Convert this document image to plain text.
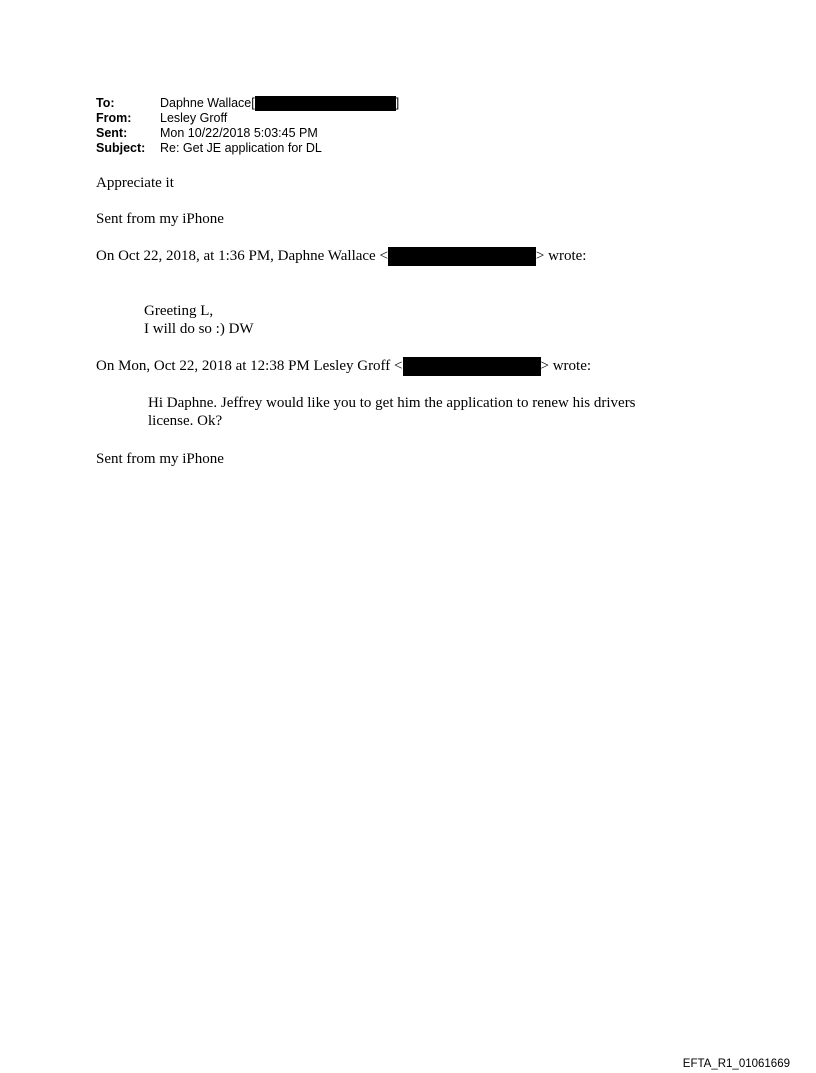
To:	Daphne Wallace[	]
From:	Lesley Groff
Sent:	Mon 10/22/2018 5:03:45 PM
Subject:	Re: Get JE application for DL
Appreciate it
Sent from my iPhone
On Oct 22, 2018, at 1:36 PM, Daphne Wallace <	> wrote:
Greeting L,
I will do so :) DW
On Mon, Oct 22, 2018 at 12:38 PM Lesley Groff <	> wrote:
Hi Daphne. Jeffrey would like you to get him the application to renew his drivers
license. Ok?
Sent from my iPhone
EFTA_R1_01061669
